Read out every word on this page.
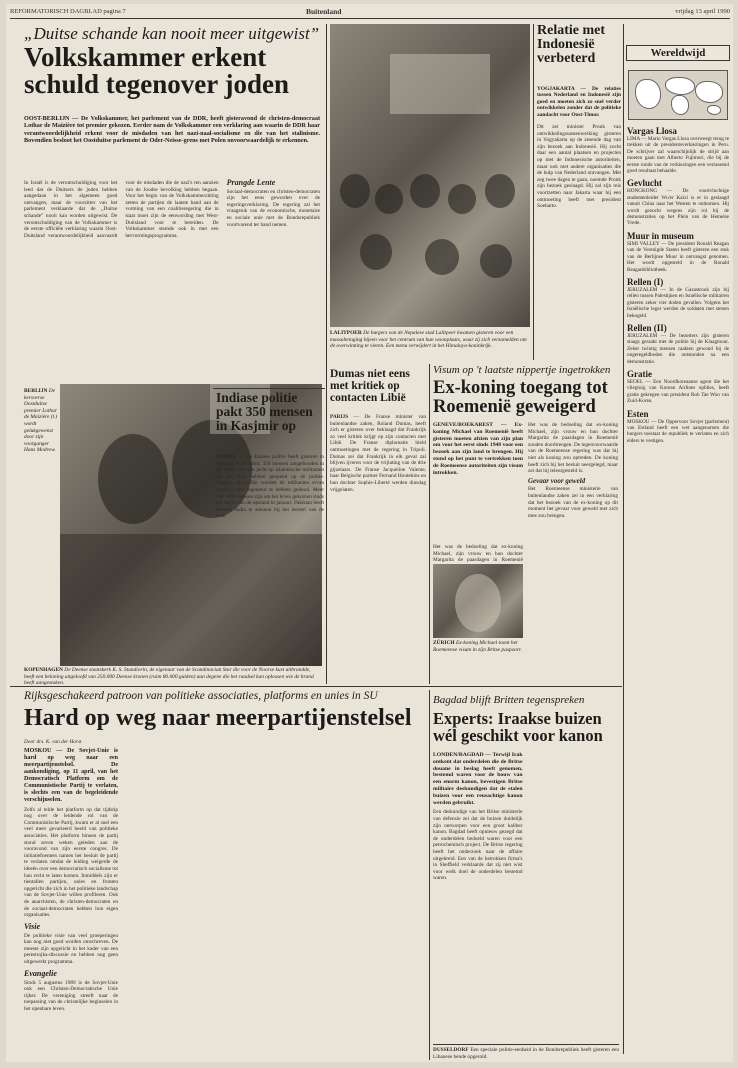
REFORMATORISCH DAGBLAD pagina 7	Buitenland	vrijdag 13 april 1990
„Duitse schande kan nooit meer uitgewist”
Volkskammer erkent schuld tegenover joden
OOST-BERLIJN — De Volkskammer, het parlement van de DDR, heeft gisteravond de christen-democraat Lothar de Maizière tot premier gekozen. Eerder nam de Volkskammer een verklaring aan waarin de DDR haar verantwoordelijkheid erkent voor de misdaden van het nazi-naal-socialisme en die van het stalinisme. Bovendien besloot het Oostduitse parlement de Oder-Neisse-grens met Polen onvoorwaardelijk te erkennen.

In Israël is de verontschuldiging voor het leed dat de Duitsers de joden hebben aangedaan in het algemeen goed ontvangen, maar de voorzitter van het parlement verklaarde dat de „Duitse schande” nooit kan worden uitgewist. De verontschuldiging van de Volkskammer is de eerste officiële verklaring waarin Oost-Duitsland verantwoordelijkheid aanvaardt voor de misdaden die de nazi's ten aanzien van de Joodse bevolking hebben begaan. Voor het begin van de Volkskammerzitting zetten de partijen de laatste hand aan de vorming van een coalitieregering die in staat moet zijn de eenwording met West-Duitsland voor te bereiden. De Volkskammer stemde ook in met een hervormingsprogramma.

Prangde Lente

Sociaal-democraten en christen-democraten zijn het eens geworden over de regeringsverklaring. De regering zal het vraagstuk van de economische, monetaire en sociale unie met de Bondsrepubliek voortvarend ter hand nemen.

BERLIJN De kersverse Oostduitse premier Lothar de Maizière (l.) wordt gelukgewenst door zijn voorganger Hans Modrow.
KOPENHAGEN De Deense staatskerk K. S. Standiorin, de eigenaar van de Scandinavian Star die voor de Noorse kust uitbrandde, heeft een beloning uitgeloofd van 250.000 Deense kronen (ruim 80.000 gulden) aan degene die het raadsel kan oplossen wie de brand heeft aangestoken.
LALITPOER De burgers van de Nepalese stad Lalitpoer kwamen gisteren voor een massabetoging bijeen voor het centrum van hun woonplaats, waar zij zich verzamelden om de overwinning te vieren. Een menu verwijdert in het Himalaya-koninkrijk.
Relatie met Indonesië verbeterd
YOGJAKARTA — De relaties tussen Nederland en Indonesië zijn goed en moeten zich zo snel verder ontwikkelen zonder dat de politieke aandacht voor Oost-Timor.
Dit zei minister Pronk van ontwikkelingssamenwerking gisteren in Yogyakarta op de zesende dag van zijn bezoek aan Indonesië. Hij zocht daar een aantal plaatsen en projecten op met de Indonesische autoriteiten, maar ook met andere organisaties die de hulp van Nederland ontvangen. Met zeg twee dagen te gaan, noemde Pronk zijn bezoek geslaagd. Hij zal zijn reis voortzetten naar Jakarta waar hij een ontmoeting heeft met president Soeharto.
Indiase politie pakt 350 mensen in Kasjmir op
JAMMU — De Indiase politie heeft gisteren in Srinagar, in Kasjmir, 350 mensen aangehouden in het kader van een jacht op islamitische militanten die het vuur hebben geopend op de politie. Volgens de politie worden de militanten ervan verdacht een ingenieur te hebben gedood. Meer dan 1000 mensen zijn om het leven gekomen sinds het begin van de opstand in januari. Pakistan heeft beloofd India te steunen bij het herstel van de orde.
Dumas niet eens met kritiek op contacten Libië
PARIJS — De Franse minister van buitenlandse zaken, Roland Dumas, heeft zich er gisteren over beklaagd dat Frankrijk zo veel kritiek krijgt op zijn contacten met Libië. De Franse diplomatie hield ontmoetingen met de regering in Tripoli. Dumas zei dat Frankrijk in elk geval zal blijven ijveren voor de vrijlating van de drie gijzelaars. De Franse Jacqueline Valente, haar Belgische partner Fernand Houtekins en hun dochter Sophie-Liberté werden dinsdag vrijgelaten.
Visum op 't laatste nippertje ingetrokken
Ex-koning toegang tot Roemenië geweigerd
GENEVE/BOEKAREST — Ex-koning Michael van Roemenië heeft gisteren moeten afzien van zijn plan om voor het eerst sinds 1948 voor een bezoek aan zijn land te brengen. Hij stond op het punt te vertrekken toen de Roemeense autoriteiten zijn visum introkken.
Het was de bedoeling dat ex-koning Michael, zijn vrouw en hun dochter Margarita de paasdagen in Roemenië
ZÜRICH Ex-koning Michael toont het Roemeense visum in zijn Britse paspoort.

Het was de bedoeling dat ex-koning Michael, zijn vrouw en hun dochter Margarita de paasdagen in Roemenië zouden doorbrengen. De tegenvoorwaarde van de Roemeense regering was dat hij niet als koning zou optreden. De koning heeft zich bij het besluit neergelegd, maar zei dat hij teleurgesteld is.

Gevaar voor geweld

Het Roemeense ministerie van buitenlandse zaken zei in een verklaring dat het bezoek van de ex-koning op dit moment het gevaar voor geweld met zich mee zou brengen.

Wereldwijd
Vargas Llosa
LIMA — Mario Vargas Llosa overweegt terug te trekken uit de presidentsverkiezingen in Peru. De schrijver zal waarschijnlijk de strijd aan moeten gaan met Alberto Fujimori, die bij de eerste ronde van de verkiezingen een verrassend goed resultaat behaalde.
Gevlucht
HONGKONG — De voortvluchtige studentenleider Wu'er Kaixi is er in geslaagd vanuit China naar het Westen te ontkomen. Hij wordt gezocht wegens zijn rol bij de demonstraties op het Plein van de Hemelse Vrede.
Muur in museum
SIMI VALLEY — De president Ronald Reagan van de Verenigde Staten heeft gisteren een stuk van de Berlijnse Muur in ontvangst genomen. Het wordt opgesteld in de Ronald Reaganbibliotheek.
Rellen (I)
JERUZALEM — In de Gazastrook zijn bij rellen tussen Palestijnen en Israëlische militairen gisteren zeker vier doden gevallen. Volgens het Israëlische leger werden de soldaten met stenen bekogeld.
Rellen (II)
JERUZALEM — De bezetters zijn gisteren slaags geraakt met de politie bij de Klaagmuur. Zeker twintig mensen raakten gewond bij de ongeregeldheden die ontstonden na een demonstratie.
Gratie
SEOEL — Een Noordkoreaanse agent die het vliegtuig van Korean Airlines opblies, heeft gratie gekregen van president Roh Tae Woo van Zuid-Korea.
Esten
MOSKOU — De Oppervoor Sovjet (parlement) van Estland heeft een wet aangenomen die burgers toestaat de republiek te verlaten en zich elders te vestigen.
Rijksgeschakeerd patroon van politieke associaties, platforms en unies in SU
Hard op weg naar meerpartijenstelsel

Door drs. K. van der Horst

MOSKOU — De Sovjet-Unie is hard op weg naar een meerpartijenstelsel. De aankondiging, op 11 april, van het Democratisch Platform om de Communistische Partij te verlaten, is slechts een van de begeleidende verschijnselen.

Zelfs al telde het platform op dat tijdstip nog over de leidende rol van de Communistische Partij, kwam er al snel een veel meer gevarieerd beeld van politieke associaties. Het platform binnen de partij stond zeven weken geleden aan de vooravond van zijn eerste congres. De initiatiefnemers namen het besluit de partij te verlaten omdat de leiding weigerde de ideeën over een democratisch socialisme tot hun recht te laten komen. Inmiddels zijn er tientallen partijen, unies en fronten opgericht die zich in het politieke landschap van de Sovjet-Unie willen profileren. Ook de anarchisten, de christen-democraten en de sociaal-democraten hebben hun eigen organisaties.

Visie

De politieke visie van veel groeperingen kan nog niet goed worden omschreven. De meeste zijn opgericht in het kader van een perestrojka-discussie en hebben nog geen uitgewerkt programma.

Evangelie

Sinds 5 augustus 1989 is de Sovjet-Unie ook een Christen-Democratische Unie rijker. De vereniging streeft naar de toepassing van de christelijke beginselen in het openbare leven.

Bagdad blijft Britten tegenspreken
Experts: Iraakse buizen wél geschikt voor kanon

LONDEN/BAGDAD — Terwijl Irak ontkent dat onderdelen die de Britse douane in beslag heeft genomen, bestemd waren voor de bouw van een enorm kanon, bevestigen Britse militaire deskundigen dat de stalen buizen voor een reusachtige kanon werden gebruikt.

Een deskundige van het Britse ministerie van defensie zei dat de buizen duidelijk zijn ontworpen voor een groot kaliber kanon. Bagdad heeft opnieuw gezegd dat de onderdelen bedoeld waren voor een petrochemisch project. De Britse regering heeft het onderzoek naar de affaire uitgebreid. Een van de betrokken firma's in Sheffield verklaarde dat zij niet wist voor welk doel de onderdelen bestemd waren.

DUSSELDORF Een speciale politie-eenheid in de Bondsrepubliek heeft gisteren een Libanese bende opgerold.
